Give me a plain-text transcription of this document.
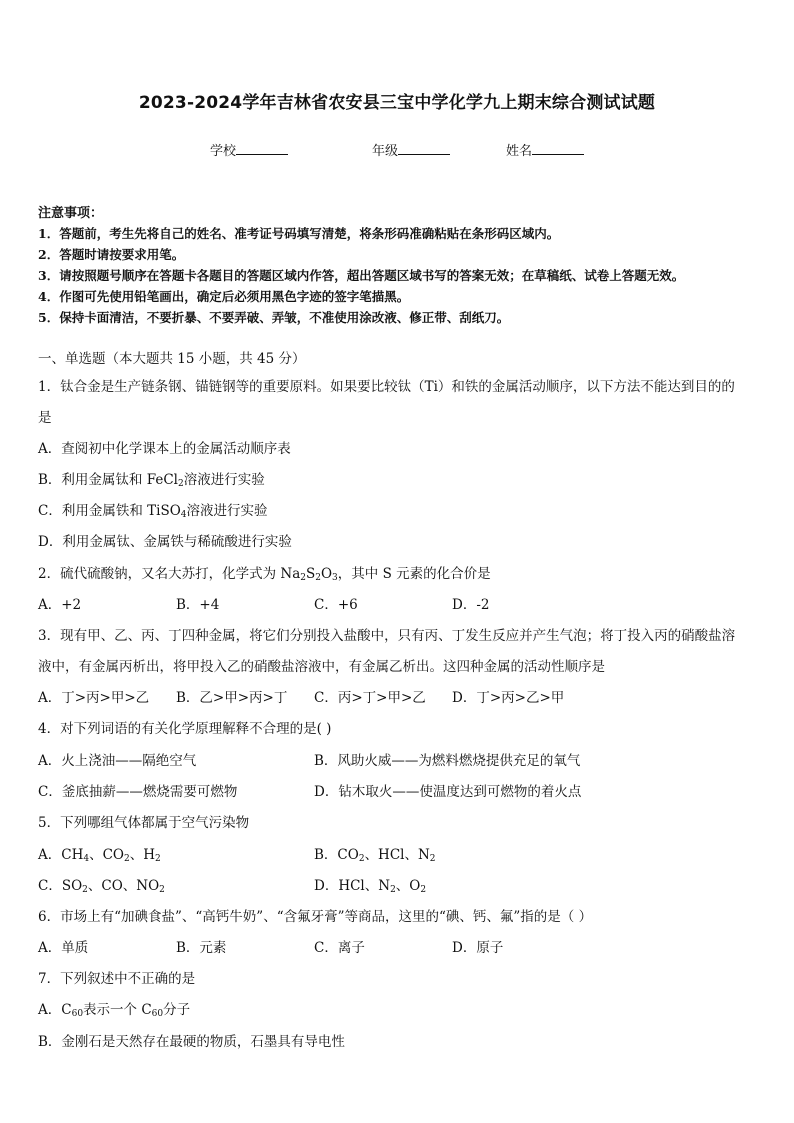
2023-2024学年吉林省农安县三宝中学化学九上期末综合测试试题
学校	年级	姓名
注意事项：
1．答题前，考生先将自己的姓名、准考证号码填写清楚，将条形码准确粘贴在条形码区域内。
2．答题时请按要求用笔。
3．请按照题号顺序在答题卡各题目的答题区域内作答，超出答题区域书写的答案无效；在草稿纸、试卷上答题无效。
4．作图可先使用铅笔画出，确定后必须用黑色字迹的签字笔描黑。
5．保持卡面清洁，不要折暴、不要弄破、弄皱，不准使用涂改液、修正带、刮纸刀。
一、单选题（本大题共 15 小题，共 45 分）
1．钛合金是生产链条钢、锚链钢等的重要原料。如果要比较钛（Ti）和铁的金属活动顺序，以下方法不能达到目的的
是
A．查阅初中化学课本上的金属活动顺序表
B．利用金属钛和 FeCl$_2$溶液进行实验
C．利用金属铁和 TiSO$_4$溶液进行实验
D．利用金属钛、金属铁与稀硫酸进行实验
2．硫代硫酸钠，又名大苏打，化学式为 $Na_2S_2O_3$，其中 S 元素的化合价是
A．+2	B．+4	C．+6	D．-2
3．现有甲、乙、丙、丁四种金属，将它们分别投入盐酸中，只有丙、丁发生反应并产生气泡；将丁投入丙的硝酸盐溶
液中，有金属丙析出，将甲投入乙的硝酸盐溶液中，有金属乙析出。这四种金属的活动性顺序是
A．丁>丙>甲>乙 B．乙>甲>丙>丁 C．丙>丁>甲>乙 D．丁>丙>乙>甲
4．对下列词语的有关化学原理解释不合理的是( )
A．火上浇油——隔绝空气	B．风助火威——为燃料燃烧提供充足的氧气
C．釜底抽薪——燃烧需要可燃物	D．钻木取火——使温度达到可燃物的着火点
5．下列哪组气体都属于空气污染物
A．$CH_4$、$CO_2$、$H_2$	B．$CO_2$、HCl、$N_2$
C．$SO_2$、CO、$NO_2$	D．HCl、$N_2$、$O_2$
6．市场上有“加碘食盐”、“高钙牛奶”、“含氟牙膏”等商品，这里的“碘、钙、氟”指的是（ ）
A．单质	B．元素	C．离子	D．原子
7．下列叙述中不正确的是
A．$C_{60}$表示一个 $C_{60}$分子
B．金刚石是天然存在最硬的物质，石墨具有导电性
